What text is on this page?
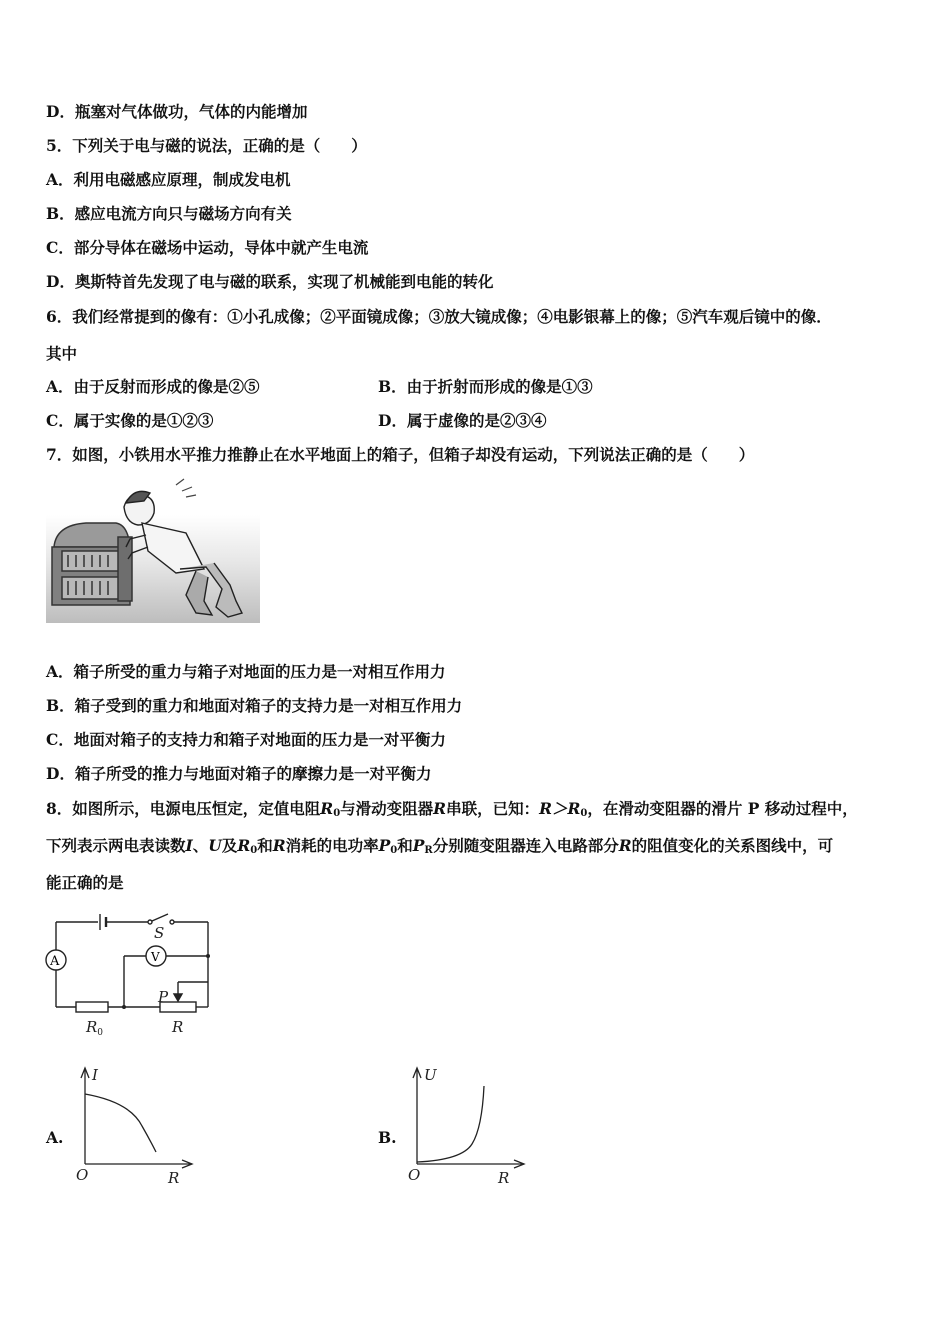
D．瓶塞对气体做功，气体的内能增加
5．下列关于电与磁的说法，正确的是（　　）
A．利用电磁感应原理，制成发电机
B．感应电流方向只与磁场方向有关
C．部分导体在磁场中运动，导体中就产生电流
D．奥斯特首先发现了电与磁的联系，实现了机械能到电能的转化
6．我们经常提到的像有：①小孔成像；②平面镜成像；③放大镜成像；④电影银幕上的像；⑤汽车观后镜中的像．
其中
A．由于反射而形成的像是②⑤	B．由于折射而形成的像是①③
C．属于实像的是①②③	D．属于虚像的是②③④
7．如图，小铁用水平推力推静止在水平地面上的箱子，但箱子却没有运动，下列说法正确的是（　　）
A．箱子所受的重力与箱子对地面的压力是一对相互作用力
B．箱子受到的重力和地面对箱子的支持力是一对相互作用力
C．地面对箱子的支持力和箱子对地面的压力是一对平衡力
D．箱子所受的推力与地面对箱子的摩擦力是一对平衡力
8．如图所示，电源电压恒定，定值电阻$R_0$与滑动变阻器R串联，已知：$R>R_0$，在滑动变阻器的滑片 P 移动过程中，
下列表示两电表读数I、U及$R_0$和R消耗的电功率$P_0$和$P_R$分别随变阻器连入电路部分R的阻值变化的关系图线中，可
能正确的是
A	V
S
P
$R_0$	R
A.
I
R
O
B.
U
R
O
